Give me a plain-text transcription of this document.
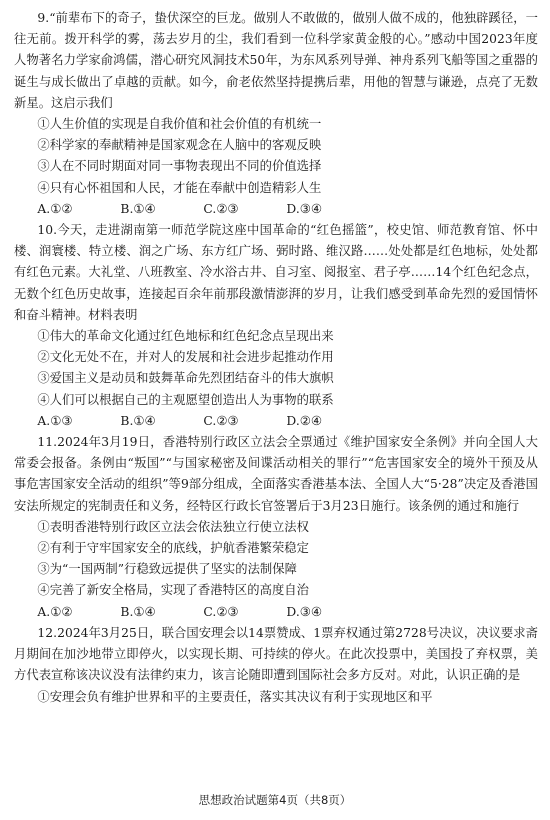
9.“前辈布下的奇子，蛰伏深空的巨龙。做别人不敢做的，做别人做不成的，他独辟蹊径，一往无前。拨开科学的雾，荡去岁月的尘，我们看到一位科学家黄金般的心。”感动中国2023年度人物著名力学家俞鸿儒，潜心研究风洞技术50年，为东风系列导弹、神舟系列飞船等国之重器的诞生与成长做出了卓越的贡献。如今，俞老依然坚持提携后辈，用他的智慧与谦逊，点亮了无数新星。这启示我们

①人生价值的实现是自我价值和社会价值的有机统一

②科学家的奉献精神是国家观念在人脑中的客观反映

③人在不同时期面对同一事物表现出不同的价值选择

④只有心怀祖国和人民，才能在奉献中创造精彩人生

A.①②	B.①④	C.②③	D.③④

10.今天，走进湖南第一师范学院这座中国革命的“红色摇篮”，校史馆、师范教育馆、怀中楼、润寰楼、特立楼、润之广场、东方红广场、弼时路、维汉路……处处都是红色地标，处处都有红色元素。大礼堂、八班教室、冷水浴古井、自习室、阅报室、君子亭……14个红色纪念点，无数个红色历史故事，连接起百余年前那段激情澎湃的岁月，让我们感受到革命先烈的爱国情怀和奋斗精神。材料表明

①伟大的革命文化通过红色地标和红色纪念点呈现出来

②文化无处不在，并对人的发展和社会进步起推动作用

③爱国主义是动员和鼓舞革命先烈团结奋斗的伟大旗帜

④人们可以根据自己的主观愿望创造出人为事物的联系

A.①③	B.①④	C.②③	D.②④

11.2024年3月19日，香港特别行政区立法会全票通过《维护国家安全条例》并向全国人大常委会报备。条例由“叛国”“与国家秘密及间谍活动相关的罪行”“危害国家安全的境外干预及从事危害国家安全活动的组织”等9部分组成，全面落实香港基本法、全国人大“5·28”决定及香港国安法所规定的宪制责任和义务，经特区行政长官签署后于3月23日施行。该条例的通过和施行

①表明香港特别行政区立法会依法独立行使立法权

②有利于守牢国家安全的底线，护航香港繁荣稳定

③为“一国两制”行稳致远提供了坚实的法制保障

④完善了新安全格局，实现了香港特区的高度自治

A.①②	B.①④	C.②③	D.③④

12.2024年3月25日，联合国安理会以14票赞成、1票弃权通过第2728号决议，决议要求斋月期间在加沙地带立即停火，以实现长期、可持续的停火。在此次投票中，美国投了弃权票，美方代表宣称该决议没有法律约束力，该言论随即遭到国际社会多方反对。对此，认识正确的是

①安理会负有维护世界和平的主要责任，落实其决议有利于实现地区和平

思想政治试题第4页（共8页）
